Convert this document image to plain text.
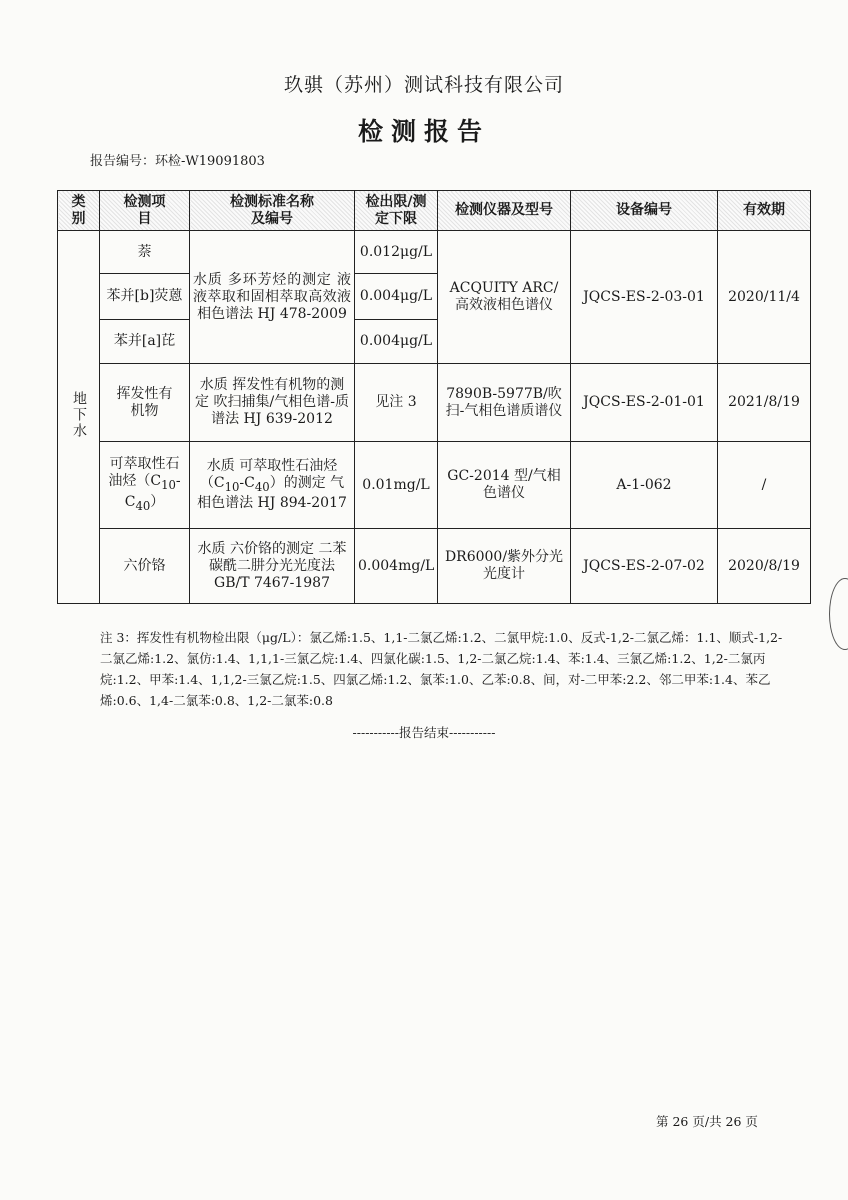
玖骐（苏州）测试科技有限公司
检测报告
报告编号：环检-W19091803
类别	检测项目	检测标准名称及编号	检出限/测定下限	检测仪器及型号	设备编号	有效期
地下水	萘	水质 多环芳烃的测定 液液萃取和固相萃取高效液相色谱法 HJ 478-2009	0.012μg/L	ACQUITY ARC/高效液相色谱仪	JQCS-ES-2-03-01	2020/11/4
	苯并[b]荧蒽		0.004μg/L			
	苯并[a]芘		0.004μg/L			
	挥发性有机物	水质 挥发性有机物的测定 吹扫捕集/气相色谱-质谱法 HJ 639-2012	见注 3	7890B-5977B/吹扫-气相色谱质谱仪	JQCS-ES-2-01-01	2021/8/19
	可萃取性石油烃$(C_{10}-C_{40})$	水质 可萃取性石油烃$(C_{10}-C_{40})$的测定 气相色谱法 HJ 894-2017	0.01mg/L	GC-2014 型/气相色谱仪	A-1-062	/
	六价铬	水质 六价铬的测定 二苯碳酰二肼分光光度法 GB/T 7467-1987	0.004mg/L	DR6000/紫外分光光度计	JQCS-ES-2-07-02	2020/8/19
注 3：挥发性有机物检出限（μg/L）：氯乙烯:1.5、1,1-二氯乙烯:1.2、二氯甲烷:1.0、反式-1,2-二氯乙烯：1.1、顺式-1,2-二氯乙烯:1.2、氯仿:1.4、1,1,1-三氯乙烷:1.4、四氯化碳:1.5、1,2-二氯乙烷:1.4、苯:1.4、三氯乙烯:1.2、1,2-二氯丙烷:1.2、甲苯:1.4、1,1,2-三氯乙烷:1.5、四氯乙烯:1.2、氯苯:1.0、乙苯:0.8、间，对-二甲苯:2.2、邻二甲苯:1.4、苯乙烯:0.6、1,4-二氯苯:0.8、1,2-二氯苯:0.8
-----------报告结束-----------
第 26 页/共 26 页
